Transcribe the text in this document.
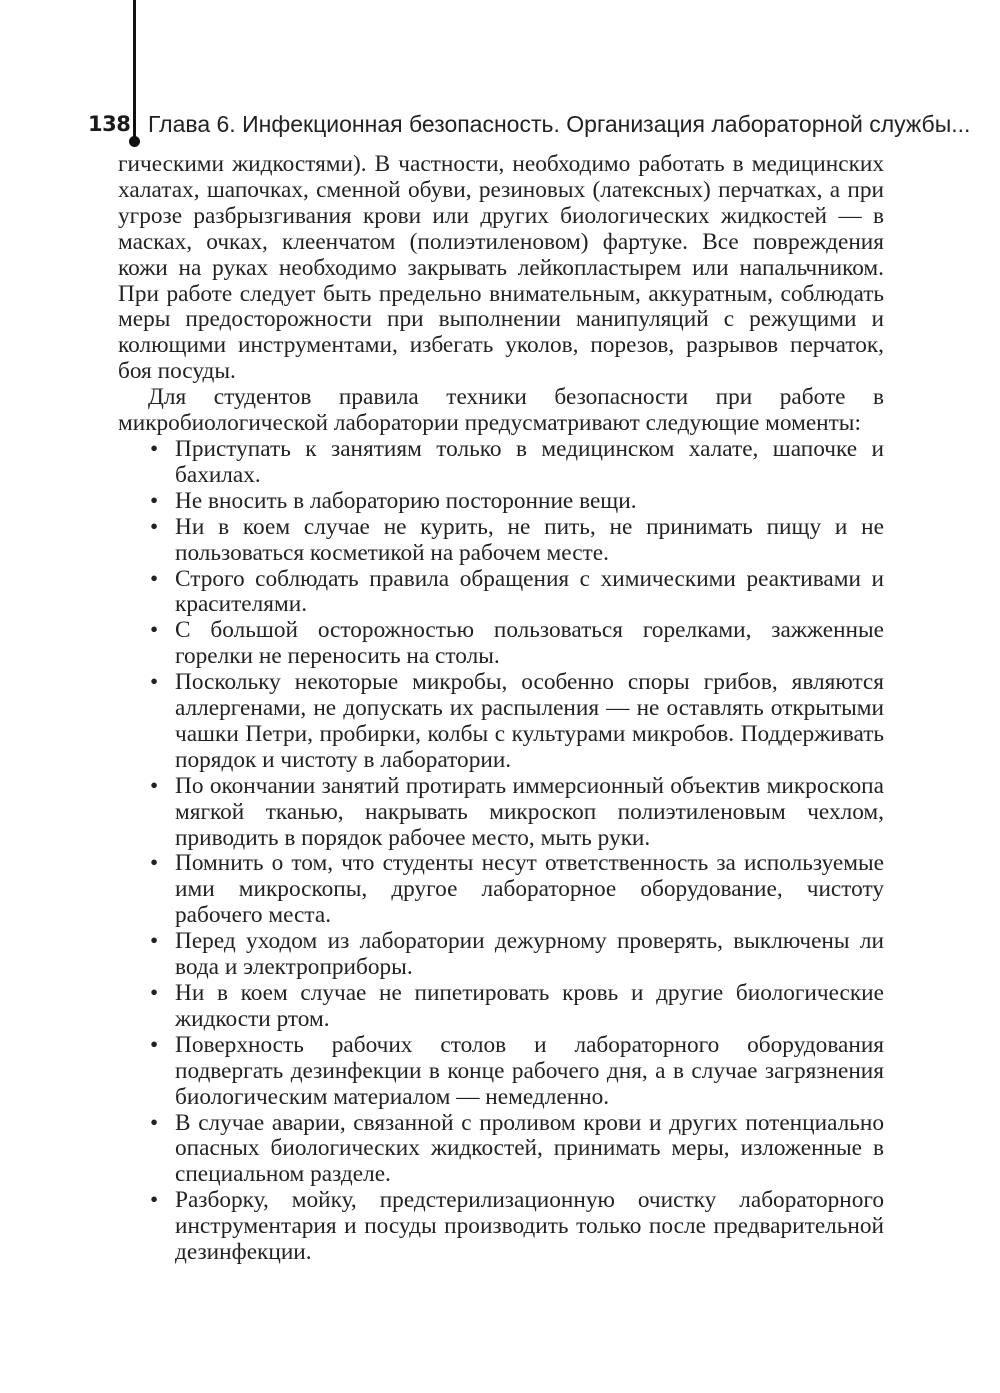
138 Глава 6. Инфекционная безопасность. Организация лабораторной службы...

гическими жидкостями). В частности, необходимо работать в медицинских халатах, шапочках, сменной обуви, резиновых (латексных) перчатках, а при угрозе разбрызгивания крови или других биологических жидкостей — в масках, очках, клеенчатом (полиэтиленовом) фартуке. Все повреждения кожи на руках необходимо закрывать лейкопластырем или напальчником. При работе следует быть предельно внимательным, аккуратным, соблюдать меры предосторожности при выполнении манипуляций с режущими и колющими инструментами, избегать уколов, порезов, разрывов перчаток, боя посуды.

Для студентов правила техники безопасности при работе в микробиологической лаборатории предусматривают следующие моменты:

• Приступать к занятиям только в медицинском халате, шапочке и бахилах.
• Не вносить в лабораторию посторонние вещи.
• Ни в коем случае не курить, не пить, не принимать пищу и не пользоваться косметикой на рабочем месте.
• Строго соблюдать правила обращения с химическими реактивами и красителями.
• С большой осторожностью пользоваться горелками, зажженные горелки не переносить на столы.
• Поскольку некоторые микробы, особенно споры грибов, являются аллергенами, не допускать их распыления — не оставлять открытыми чашки Петри, пробирки, колбы с культурами микробов. Поддерживать порядок и чистоту в лаборатории.
• По окончании занятий протирать иммерсионный объектив микроскопа мягкой тканью, накрывать микроскоп полиэтиленовым чехлом, приводить в порядок рабочее место, мыть руки.
• Помнить о том, что студенты несут ответственность за используемые ими микроскопы, другое лабораторное оборудование, чистоту рабочего места.
• Перед уходом из лаборатории дежурному проверять, выключены ли вода и электроприборы.
• Ни в коем случае не пипетировать кровь и другие биологические жидкости ртом.
• Поверхность рабочих столов и лабораторного оборудования подвергать дезинфекции в конце рабочего дня, а в случае загрязнения биологическим материалом — немедленно.
• В случае аварии, связанной с проливом крови и других потенциально опасных биологических жидкостей, принимать меры, изложенные в специальном разделе.
• Разборку, мойку, предстерилизационную очистку лабораторного инструментария и посуды производить только после предварительной дезинфекции.
